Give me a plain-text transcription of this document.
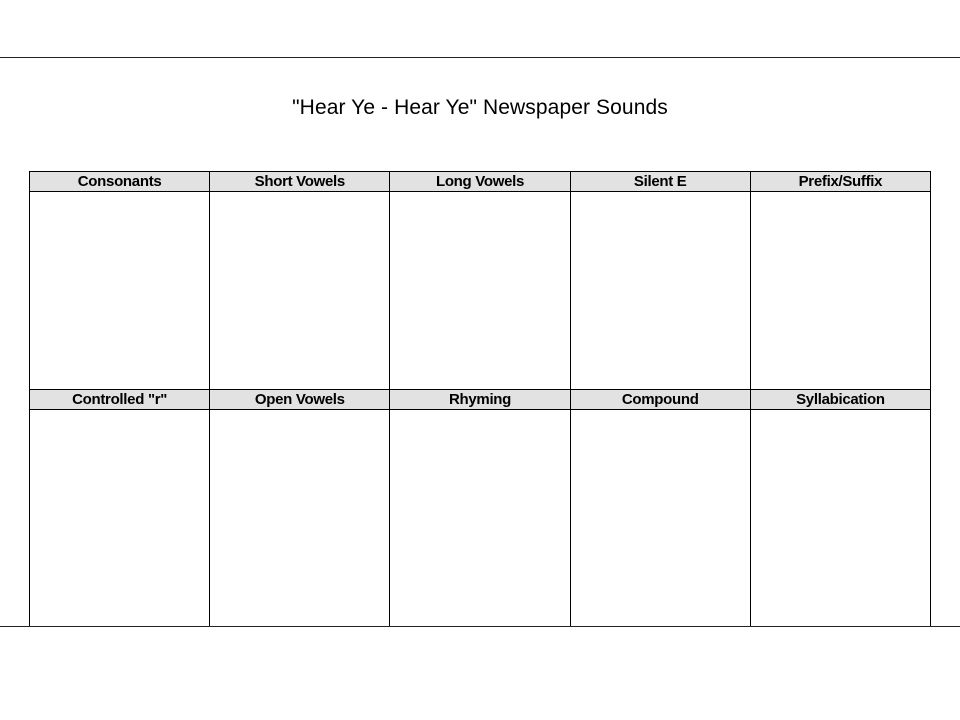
"Hear Ye - Hear Ye" Newspaper Sounds
Consonants	Short Vowels	Long Vowels	Silent E	Prefix/Suffix
Controlled "r"	Open Vowels	Rhyming	Compound	Syllabication
